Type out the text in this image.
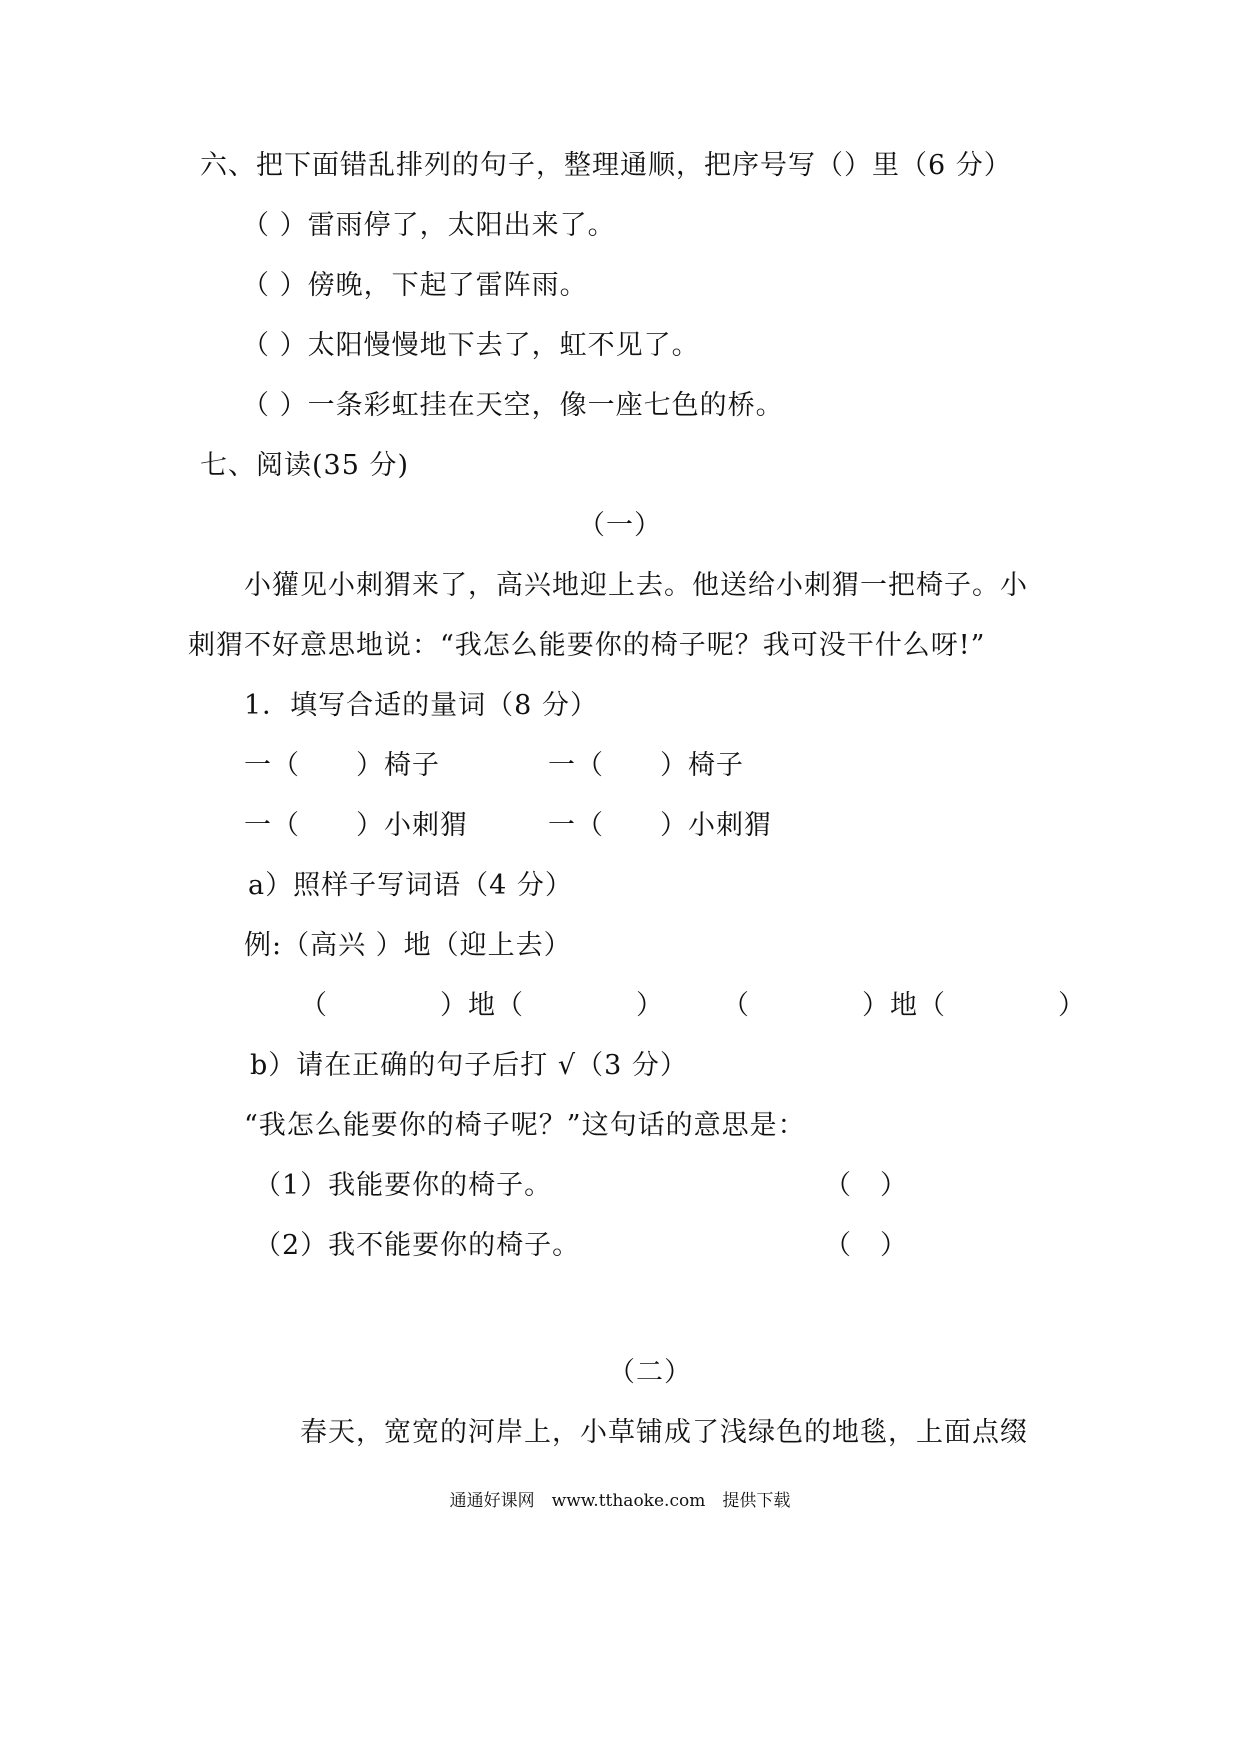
六、把下面错乱排列的句子，整理通顺，把序号写（）里（6 分）
（ ）雷雨停了，太阳出来了。
（ ）傍晚，下起了雷阵雨。
（ ）太阳慢慢地下去了，虹不见了。
（ ）一条彩虹挂在天空，像一座七色的桥。
七、阅读(35 分)
（一）
小獾见小刺猬来了，高兴地迎上去。他送给小刺猬一把椅子。小
刺猬不好意思地说：“我怎么能要你的椅子呢？我可没干什么呀!”
1．填写合适的量词（8 分）
一（　　）椅子	一（　　）椅子
一（　　）小刺猬	一（　　）小刺猬
a）照样子写词语（4 分）
例:（高兴 ）地（迎上去）
（　　　　）地（　　　　） （　　　　）地（　　　　）
b）请在正确的句子后打 √（3 分）
“我怎么能要你的椅子呢？”这句话的意思是：
（1）我能要你的椅子。	（　）
（2）我不能要你的椅子。	（　）
（二）
春天，宽宽的河岸上，小草铺成了浅绿色的地毯，上面点缀
通通好课网　www.tthaoke.com　提供下载
